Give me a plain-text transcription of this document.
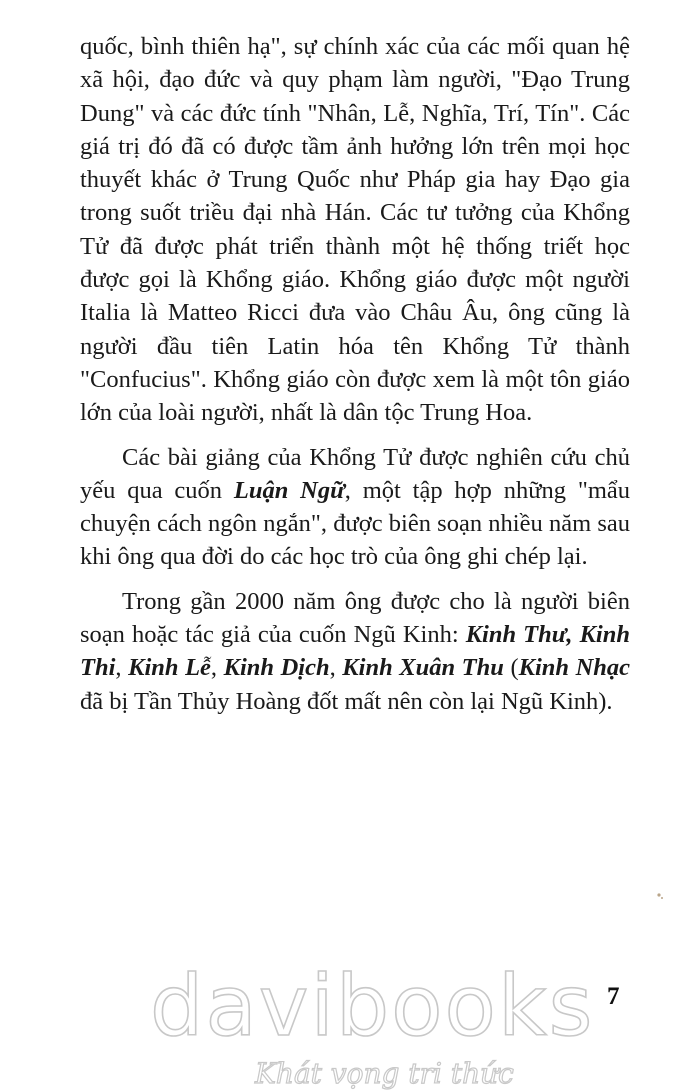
quốc, bình thiên hạ", sự chính xác của các mối quan hệ xã hội, đạo đức và quy phạm làm người, "Đạo Trung Dung" và các đức tính "Nhân, Lễ, Nghĩa, Trí, Tín". Các giá trị đó đã có được tầm ảnh hưởng lớn trên mọi học thuyết khác ở Trung Quốc như Pháp gia hay Đạo gia trong suốt triều đại nhà Hán. Các tư tưởng của Khổng Tử đã được phát triển thành một hệ thống triết học được gọi là Khổng giáo. Khổng giáo được một người Italia là Matteo Ricci đưa vào Châu Âu, ông cũng là người đầu tiên Latin hóa tên Khổng Tử thành "Confucius". Khổng giáo còn được xem là một tôn giáo lớn của loài người, nhất là dân tộc Trung Hoa.

Các bài giảng của Khổng Tử được nghiên cứu chủ yếu qua cuốn Luận Ngữ, một tập hợp những "mẩu chuyện cách ngôn ngắn", được biên soạn nhiều năm sau khi ông qua đời do các học trò của ông ghi chép lại.

Trong gần 2000 năm ông được cho là người biên soạn hoặc tác giả của cuốn Ngũ Kinh: Kinh Thư, Kinh Thi, Kinh Lễ, Kinh Dịch, Kinh Xuân Thu (Kinh Nhạc đã bị Tần Thủy Hoàng đốt mất nên còn lại Ngũ Kinh).

7
davibooks
Khát vọng tri thức
